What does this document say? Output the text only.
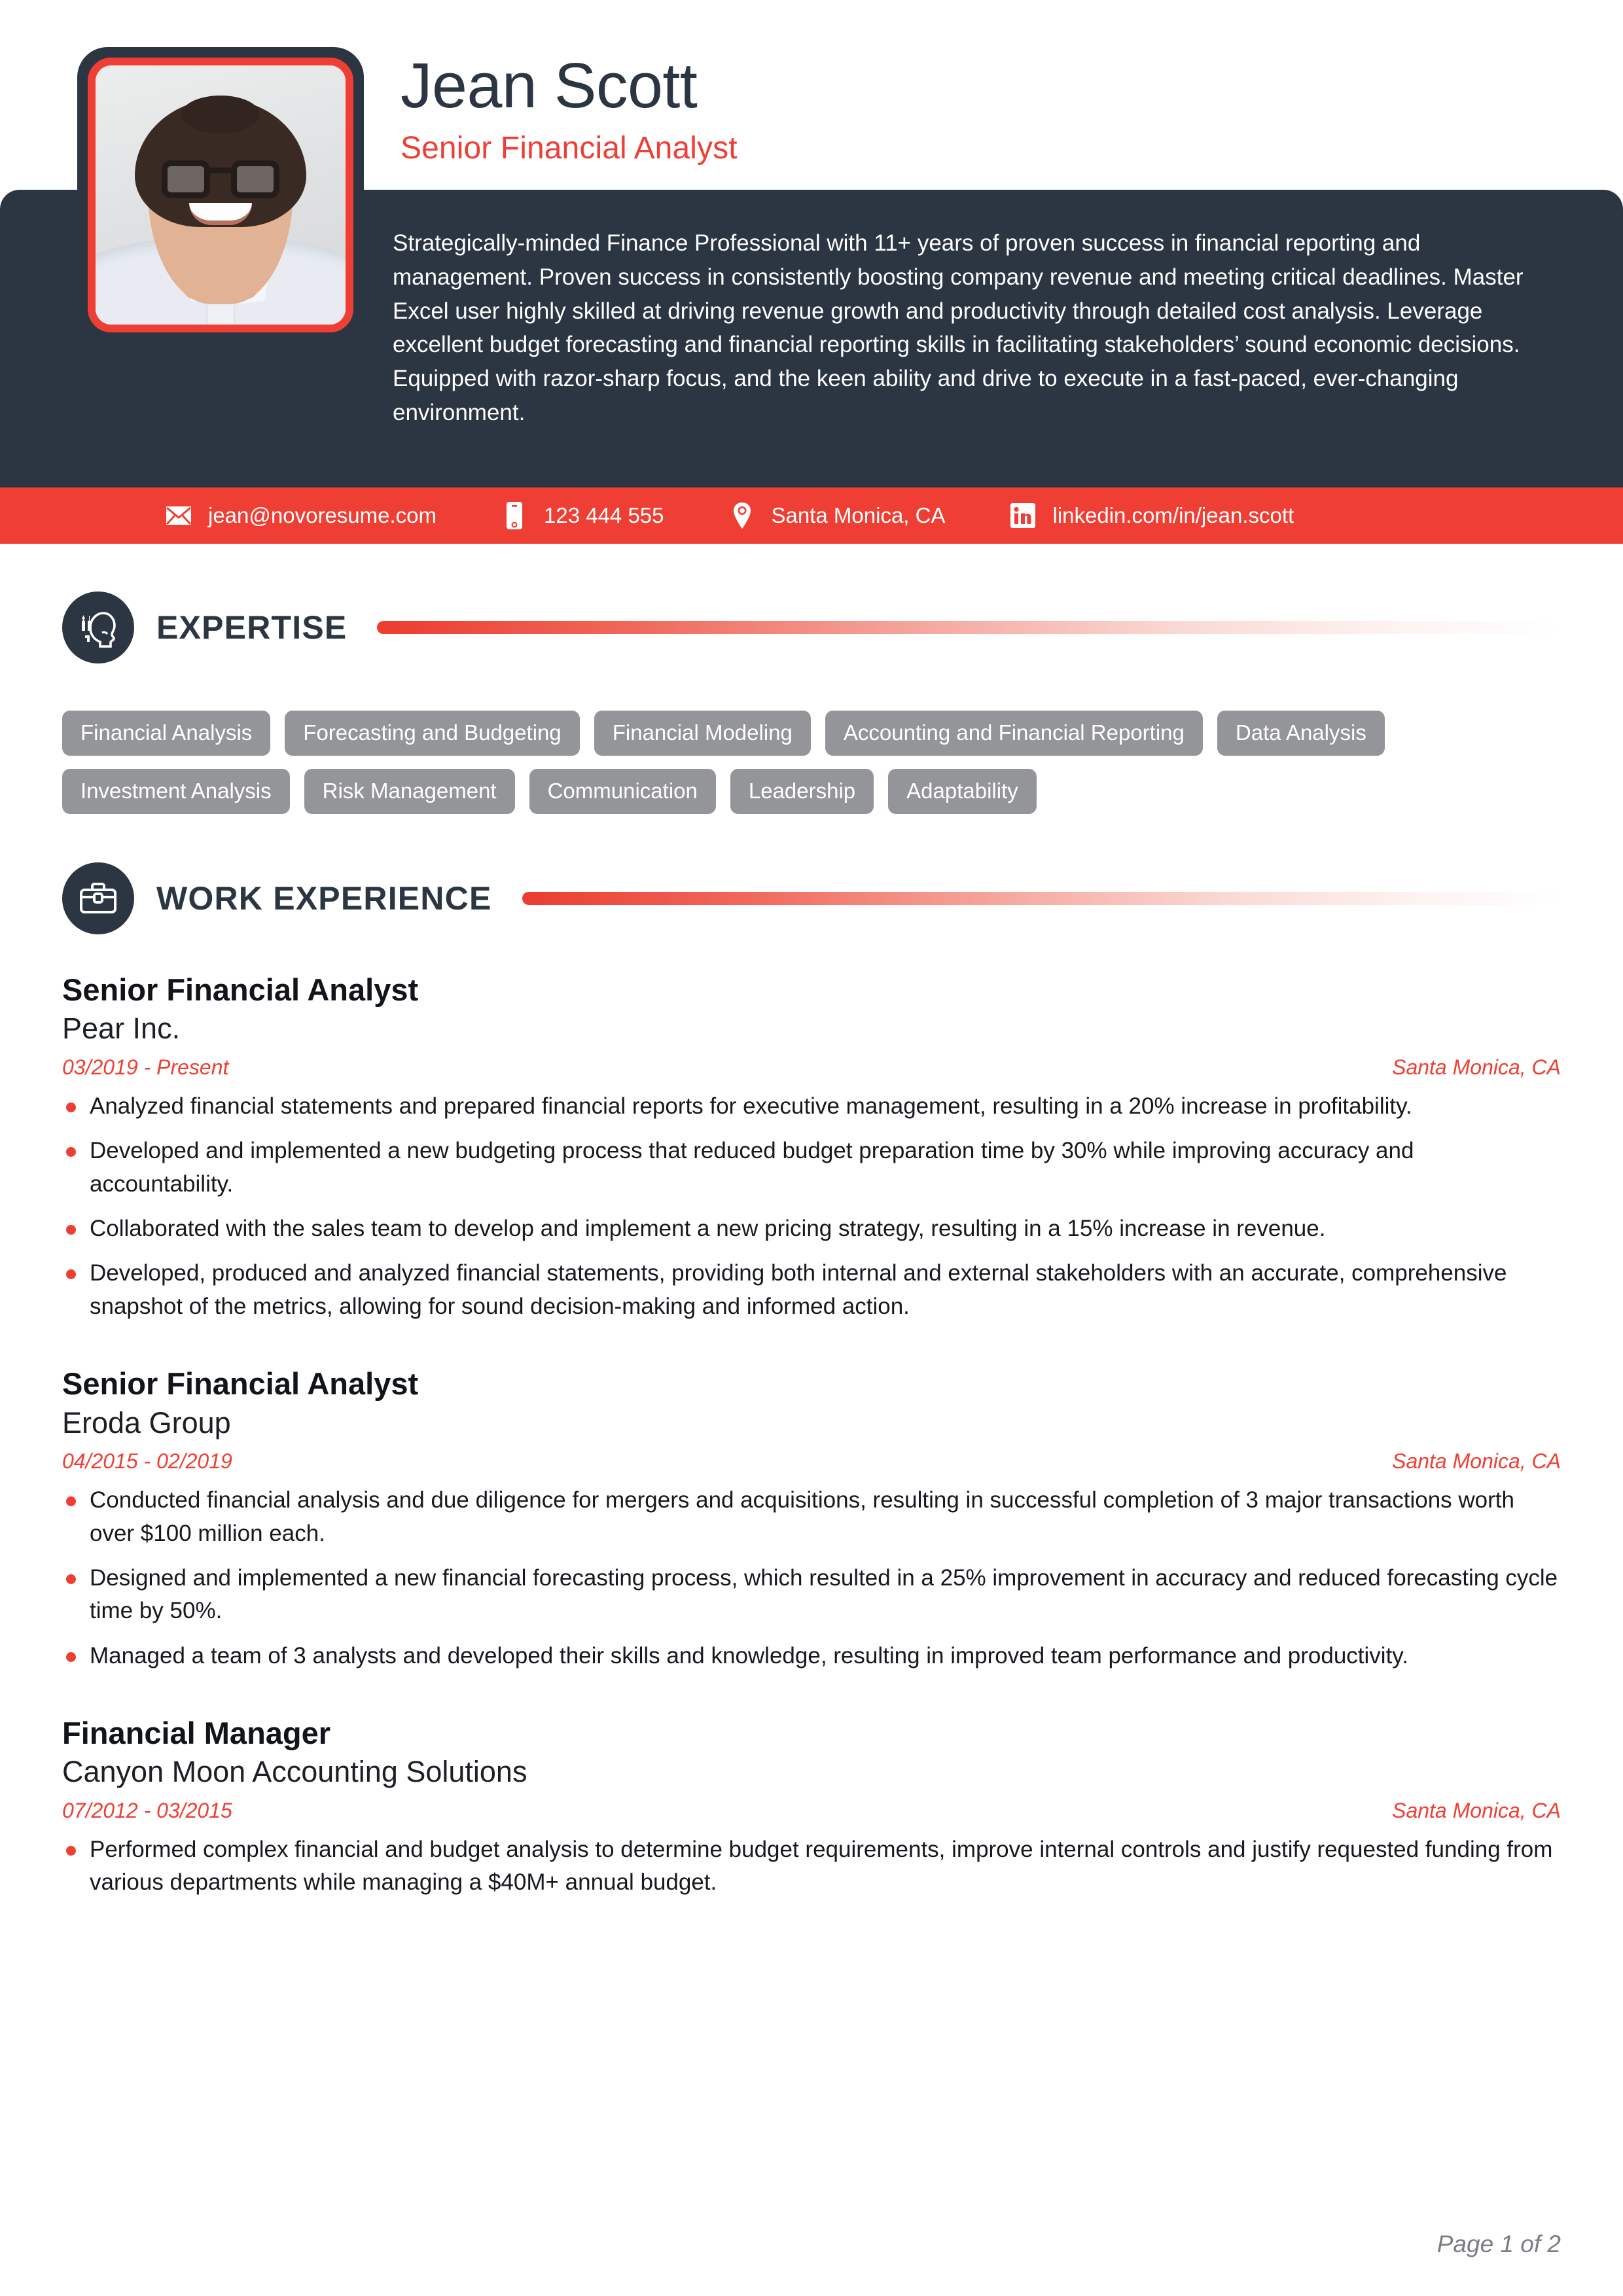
Jean Scott
Senior Financial Analyst
Strategically-minded Finance Professional with 11+ years of proven success in financial reporting and management. Proven success in consistently boosting company revenue and meeting critical deadlines. Master Excel user highly skilled at driving revenue growth and productivity through detailed cost analysis. Leverage excellent budget forecasting and financial reporting skills in facilitating stakeholders’ sound economic decisions. Equipped with razor-sharp focus, and the keen ability and drive to execute in a fast-paced, ever-changing environment.
jean@novoresume.com	123 444 555	Santa Monica, CA	linkedin.com/in/jean.scott
EXPERTISE
Financial Analysis	Forecasting and Budgeting	Financial Modeling	Accounting and Financial Reporting	Data Analysis
Investment Analysis	Risk Management	Communication	Leadership	Adaptability
WORK EXPERIENCE
Senior Financial Analyst
Pear Inc.
03/2019 - Present	Santa Monica, CA
Analyzed financial statements and prepared financial reports for executive management, resulting in a 20% increase in profitability.
Developed and implemented a new budgeting process that reduced budget preparation time by 30% while improving accuracy and accountability.
Collaborated with the sales team to develop and implement a new pricing strategy, resulting in a 15% increase in revenue.
Developed, produced and analyzed financial statements, providing both internal and external stakeholders with an accurate, comprehensive snapshot of the metrics, allowing for sound decision-making and informed action.
Senior Financial Analyst
Eroda Group
04/2015 - 02/2019	Santa Monica, CA
Conducted financial analysis and due diligence for mergers and acquisitions, resulting in successful completion of 3 major transactions worth over $100 million each.
Designed and implemented a new financial forecasting process, which resulted in a 25% improvement in accuracy and reduced forecasting cycle time by 50%.
Managed a team of 3 analysts and developed their skills and knowledge, resulting in improved team performance and productivity.
Financial Manager
Canyon Moon Accounting Solutions
07/2012 - 03/2015	Santa Monica, CA
Performed complex financial and budget analysis to determine budget requirements, improve internal controls and justify requested funding from various departments while managing a $40M+ annual budget.
Page 1 of 2
